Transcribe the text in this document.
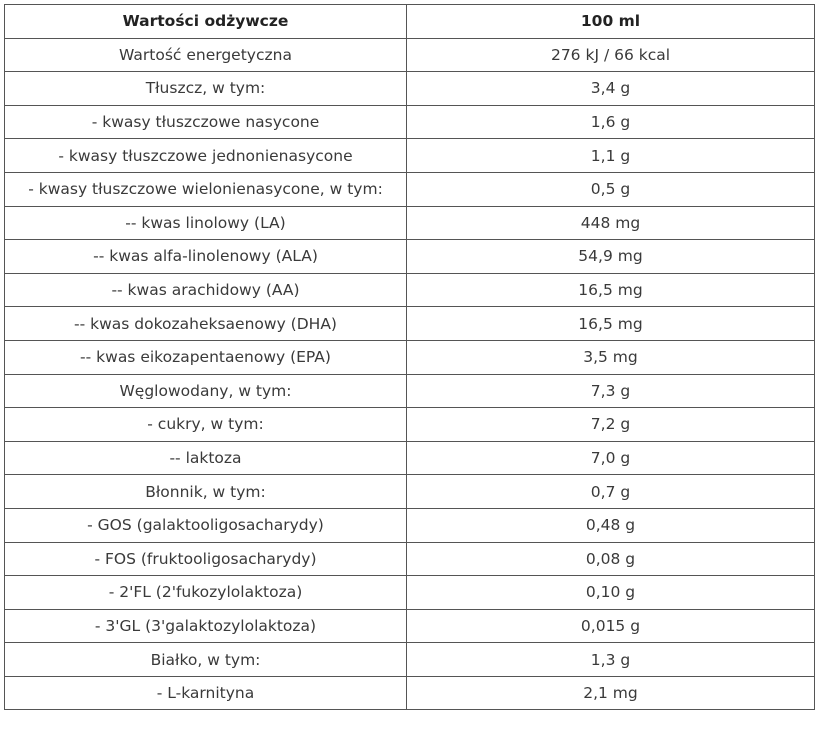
Wartości odżywcze	100 ml
Wartość energetyczna	276 kJ / 66 kcal
Tłuszcz, w tym:	3,4 g
- kwasy tłuszczowe nasycone	1,6 g
- kwasy tłuszczowe jednonienasycone	1,1 g
- kwasy tłuszczowe wielonienasycone, w tym:	0,5 g
-- kwas linolowy (LA)	448 mg
-- kwas alfa-linolenowy (ALA)	54,9 mg
-- kwas arachidowy (AA)	16,5 mg
-- kwas dokozaheksaenowy (DHA)	16,5 mg
-- kwas eikozapentaenowy (EPA)	3,5 mg
Węglowodany, w tym:	7,3 g
- cukry, w tym:	7,2 g
-- laktoza	7,0 g
Błonnik, w tym:	0,7 g
- GOS (galaktooligosacharydy)	0,48 g
- FOS (fruktooligosacharydy)	0,08 g
- 2'FL (2'fukozylolaktoza)	0,10 g
- 3'GL (3'galaktozylolaktoza)	0,015 g
Białko, w tym:	1,3 g
- L-karnityna	2,1 mg
